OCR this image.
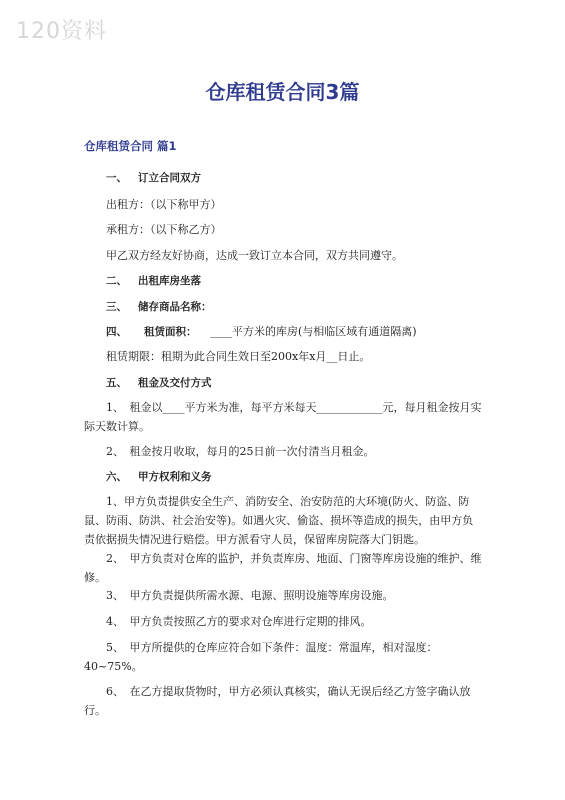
120资料
仓库租赁合同3篇
仓库租赁合同 篇1
一、 订立合同双方
出租方：（以下称甲方）
承租方：（以下称乙方）
甲乙双方经友好协商，达成一致订立本合同，双方共同遵守。
二、 出租库房坐落
三、 储存商品名称：
四、 租赁面积： ____平方米的库房(与相临区域有通道隔离)
租赁期限：租期为此合同生效日至200x年x月__日止。
五、 租金及交付方式
1、　租金以____平方米为准，每平方米每天____________元，每月租金按月实际天数计算。
2、　租金按月收取，每月的25日前一次付清当月租金。
六、 甲方权利和义务
1、甲方负责提供安全生产、消防安全、治安防范的大环境(防火、防盗、防鼠、防雨、防洪、社会治安等)。如遇火灾、偷盗、损坏等造成的损失，由甲方负责依据损失情况进行赔偿。甲方派看守人员，保留库房院落大门钥匙。
2、　甲方负责对仓库的监护，并负责库房、地面、门窗等库房设施的维护、维修。
3、　甲方负责提供所需水源、电源、照明设施等库房设施。
4、　甲方负责按照乙方的要求对仓库进行定期的排风。
5、　甲方所提供的仓库应符合如下条件：温度：常温库，相对湿度：40~75%。
6、　在乙方提取货物时，甲方必须认真核实，确认无误后经乙方签字确认放行。
